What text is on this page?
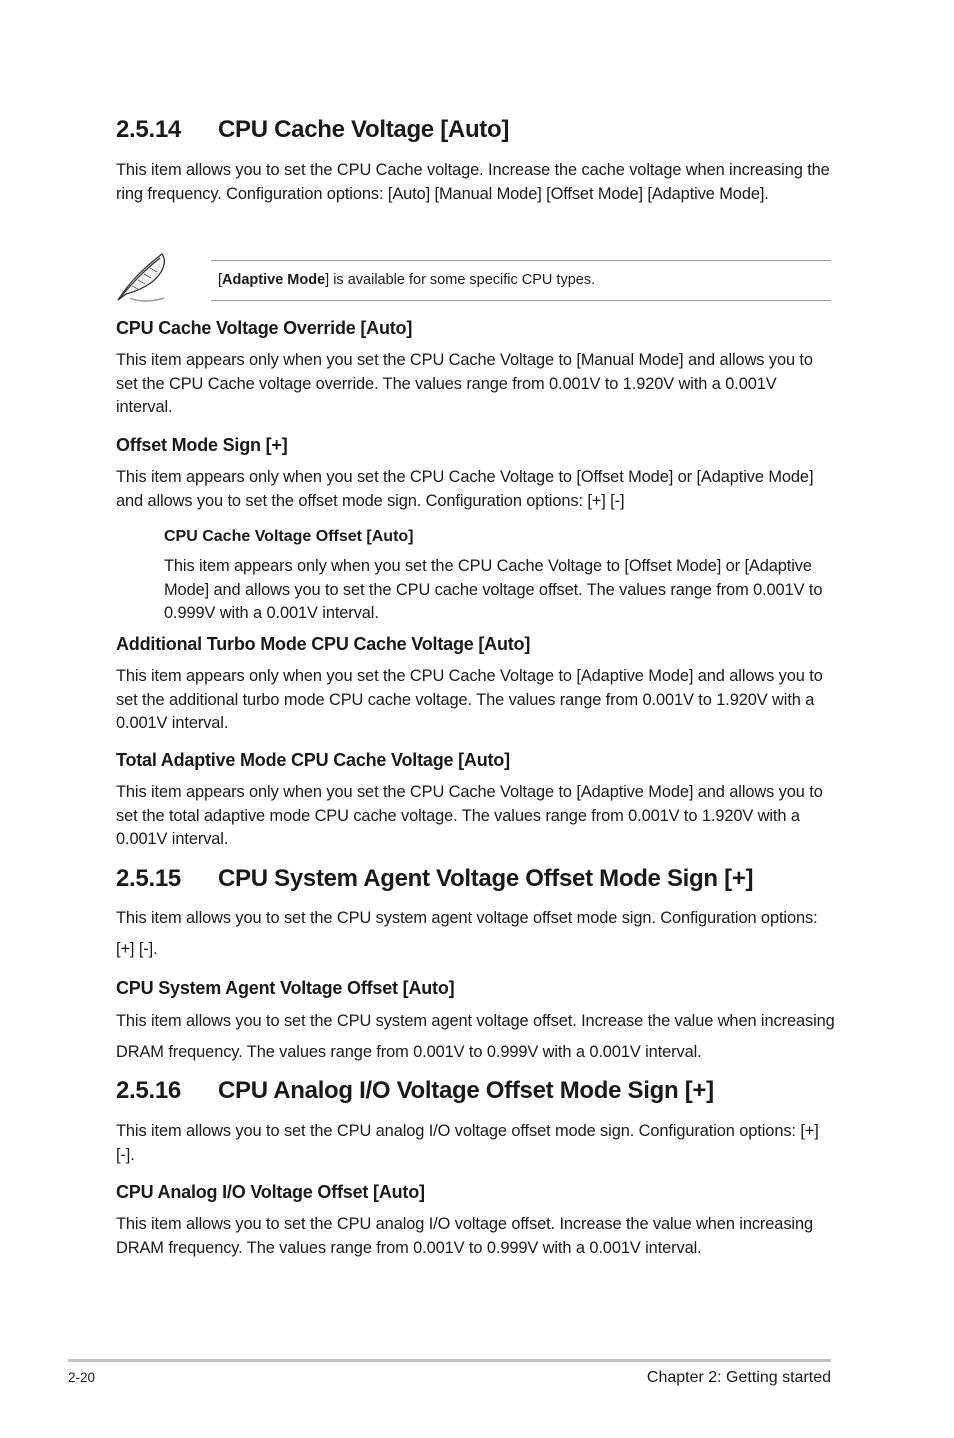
2.5.14 CPU Cache Voltage [Auto]
This item allows you to set the CPU Cache voltage. Increase the cache voltage when increasing the ring frequency. Configuration options: [Auto] [Manual Mode] [Offset Mode] [Adaptive Mode].
[Adaptive Mode] is available for some specific CPU types.
CPU Cache Voltage Override [Auto]
This item appears only when you set the CPU Cache Voltage to [Manual Mode] and allows you to set the CPU Cache voltage override. The values range from 0.001V to 1.920V with a 0.001V interval.
Offset Mode Sign [+]
This item appears only when you set the CPU Cache Voltage to [Offset Mode] or [Adaptive Mode] and allows you to set the offset mode sign. Configuration options: [+] [-]
CPU Cache Voltage Offset [Auto]
This item appears only when you set the CPU Cache Voltage to [Offset Mode] or [Adaptive Mode] and allows you to set the CPU cache voltage offset. The values range from 0.001V to 0.999V with a 0.001V interval.
Additional Turbo Mode CPU Cache Voltage [Auto]
This item appears only when you set the CPU Cache Voltage to [Adaptive Mode] and allows you to set the additional turbo mode CPU cache voltage. The values range from 0.001V to 1.920V with a 0.001V interval.
Total Adaptive Mode CPU Cache Voltage [Auto]
This item appears only when you set the CPU Cache Voltage to [Adaptive Mode] and allows you to set the total adaptive mode CPU cache voltage. The values range from 0.001V to 1.920V with a 0.001V interval.
2.5.15 CPU System Agent Voltage Offset Mode Sign [+]
This item allows you to set the CPU system agent voltage offset mode sign. Configuration options: [+] [-].
CPU System Agent Voltage Offset [Auto]
This item allows you to set the CPU system agent voltage offset. Increase the value when increasing DRAM frequency. The values range from 0.001V to 0.999V with a 0.001V interval.
2.5.16 CPU Analog I/O Voltage Offset Mode Sign [+]
This item allows you to set the CPU analog I/O voltage offset mode sign. Configuration options: [+] [-].
CPU Analog I/O Voltage Offset [Auto]
This item allows you to set the CPU analog I/O voltage offset. Increase the value when increasing DRAM frequency. The values range from 0.001V to 0.999V with a 0.001V interval.
2-20	Chapter 2: Getting started
